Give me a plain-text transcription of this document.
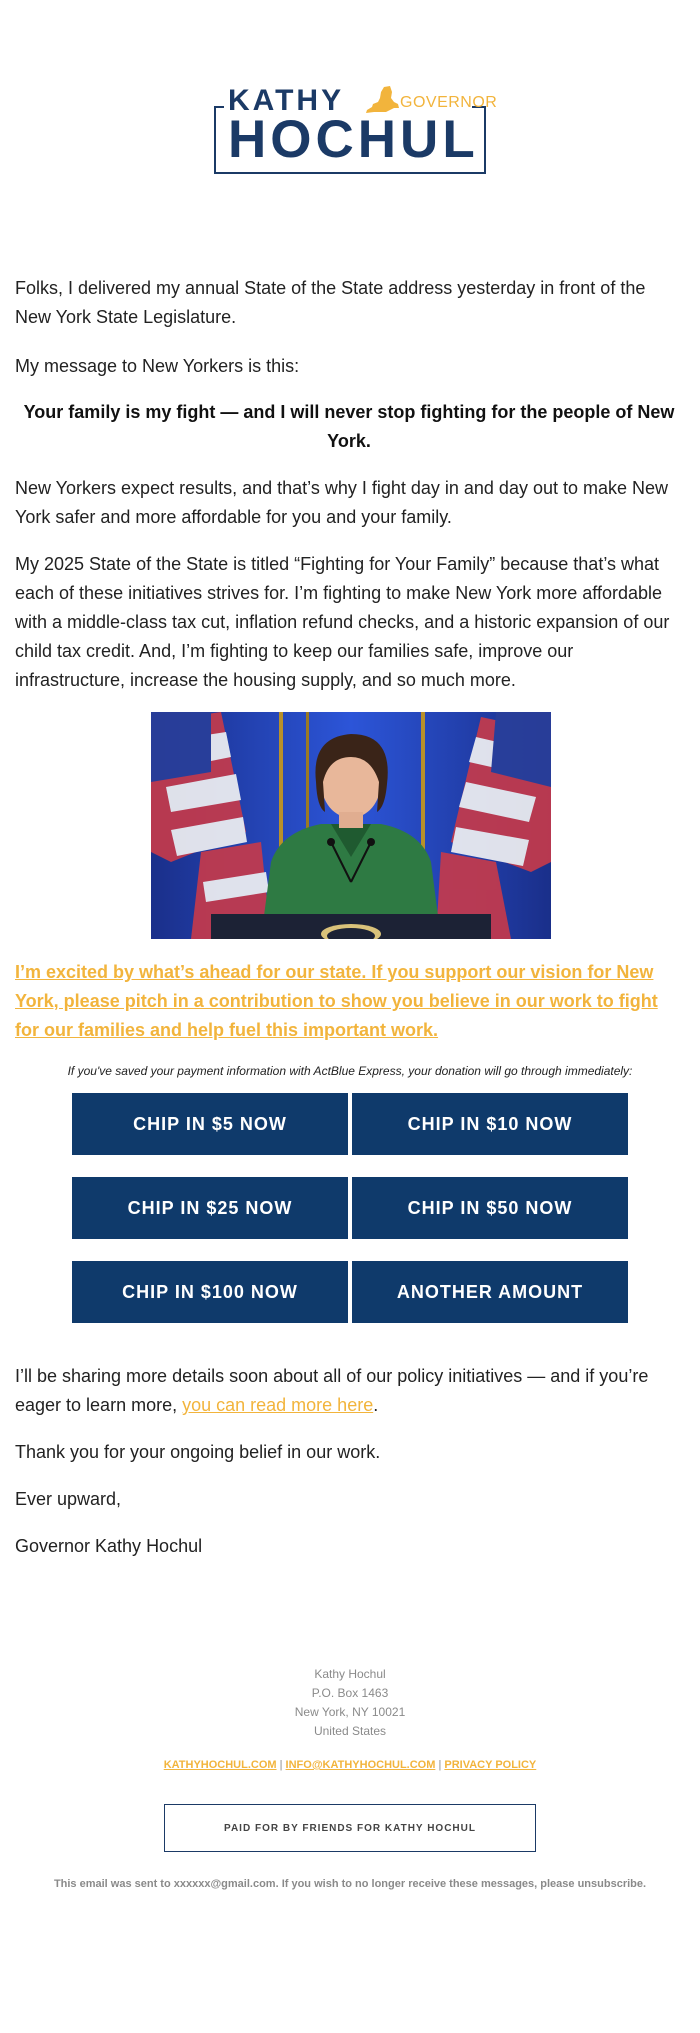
KATHY	GOVERNOR
HOCHUL

Folks, I delivered my annual State of the State address yesterday in front of the New York State Legislature.

My message to New Yorkers is this:

Your family is my fight — and I will never stop fighting for the people of New York.

New Yorkers expect results, and that’s why I fight day in and day out to make New York safer and more affordable for you and your family.

My 2025 State of the State is titled “Fighting for Your Family” because that’s what each of these initiatives strives for. I’m fighting to make New York more affordable with a middle-class tax cut, inflation refund checks, and a historic expansion of our child tax credit. And, I’m fighting to keep our families safe, improve our infrastructure, increase the housing supply, and so much more.

I’m excited by what’s ahead for our state. If you support our vision for New York, please pitch in a contribution to show you believe in our work to fight for our families and help fuel this important work.

If you've saved your payment information with ActBlue Express, your donation will go through immediately:
CHIP IN $5 NOW	CHIP IN $10 NOW
CHIP IN $25 NOW	CHIP IN $50 NOW
CHIP IN $100 NOW	ANOTHER AMOUNT

I’ll be sharing more details soon about all of our policy initiatives — and if you’re eager to learn more, you can read more here.

Thank you for your ongoing belief in our work.

Ever upward,

Governor Kathy Hochul

Kathy Hochul
P.O. Box 1463
New York, NY 10021
United States
KATHYHOCHUL.COM | INFO@KATHYHOCHUL.COM | PRIVACY POLICY
PAID FOR BY FRIENDS FOR KATHY HOCHUL
This email was sent to xxxxxx@gmail.com. If you wish to no longer receive these messages, please unsubscribe.
